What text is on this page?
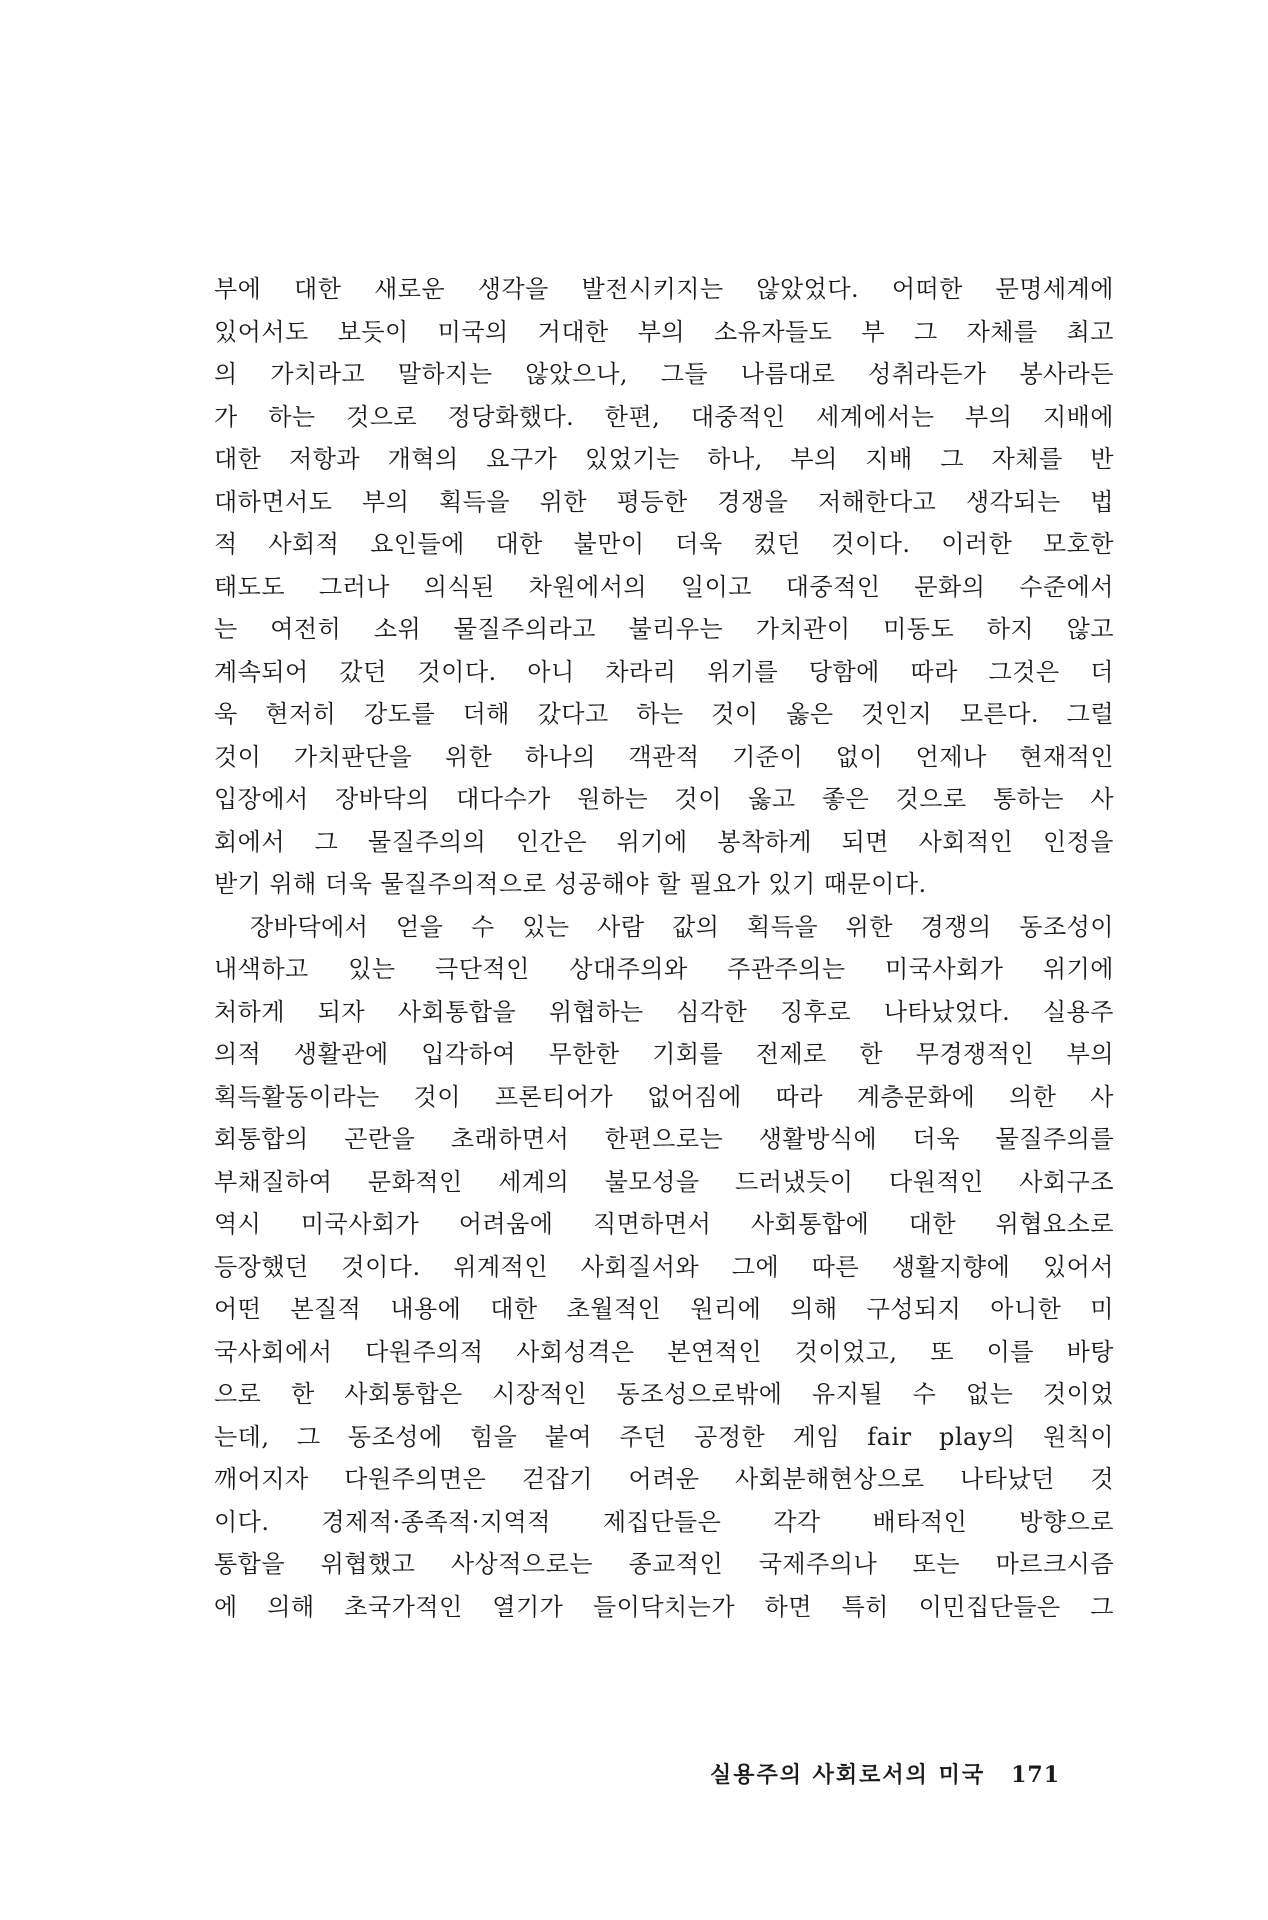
부에 대한 새로운 생각을 발전시키지는 않았었다. 어떠한 문명세계에
있어서도 보듯이 미국의 거대한 부의 소유자들도 부 그 자체를 최고
의 가치라고 말하지는 않았으나, 그들 나름대로 성취라든가 봉사라든
가 하는 것으로 정당화했다. 한편, 대중적인 세계에서는 부의 지배에
대한 저항과 개혁의 요구가 있었기는 하나, 부의 지배 그 자체를 반
대하면서도 부의 획득을 위한 평등한 경쟁을 저해한다고 생각되는 법
적 사회적 요인들에 대한 불만이 더욱 컸던 것이다. 이러한 모호한
태도도 그러나 의식된 차원에서의 일이고 대중적인 문화의 수준에서
는 여전히 소위 물질주의라고 불리우는 가치관이 미동도 하지 않고
계속되어 갔던 것이다. 아니 차라리 위기를 당함에 따라 그것은 더
욱 현저히 강도를 더해 갔다고 하는 것이 옳은 것인지 모른다. 그럴
것이 가치판단을 위한 하나의 객관적 기준이 없이 언제나 현재적인
입장에서 장바닥의 대다수가 원하는 것이 옳고 좋은 것으로 통하는 사
회에서 그 물질주의의 인간은 위기에 봉착하게 되면 사회적인 인정을
받기 위해 더욱 물질주의적으로 성공해야 할 필요가 있기 때문이다.
장바닥에서 얻을 수 있는 사람 값의 획득을 위한 경쟁의 동조성이
내색하고 있는 극단적인 상대주의와 주관주의는 미국사회가 위기에
처하게 되자 사회통합을 위협하는 심각한 징후로 나타났었다. 실용주
의적 생활관에 입각하여 무한한 기회를 전제로 한 무경쟁적인 부의
획득활동이라는 것이 프론티어가 없어짐에 따라 계층문화에 의한 사
회통합의 곤란을 초래하면서 한편으로는 생활방식에 더욱 물질주의를
부채질하여 문화적인 세계의 불모성을 드러냈듯이 다원적인 사회구조
역시 미국사회가 어려움에 직면하면서 사회통합에 대한 위협요소로
등장했던 것이다. 위계적인 사회질서와 그에 따른 생활지향에 있어서
어떤 본질적 내용에 대한 초월적인 원리에 의해 구성되지 아니한 미
국사회에서 다원주의적 사회성격은 본연적인 것이었고, 또 이를 바탕
으로 한 사회통합은 시장적인 동조성으로밖에 유지될 수 없는 것이었
는데, 그 동조성에 힘을 붙여 주던 공정한 게임 fair play의 원칙이
깨어지자 다원주의면은 걷잡기 어려운 사회분해현상으로 나타났던 것
이다. 경제적·종족적·지역적 제집단들은 각각 배타적인 방향으로
통합을 위협했고 사상적으로는 종교적인 국제주의나 또는 마르크시즘
에 의해 초국가적인 열기가 들이닥치는가 하면 특히 이민집단들은 그
실용주의 사회로서의 미국 171
